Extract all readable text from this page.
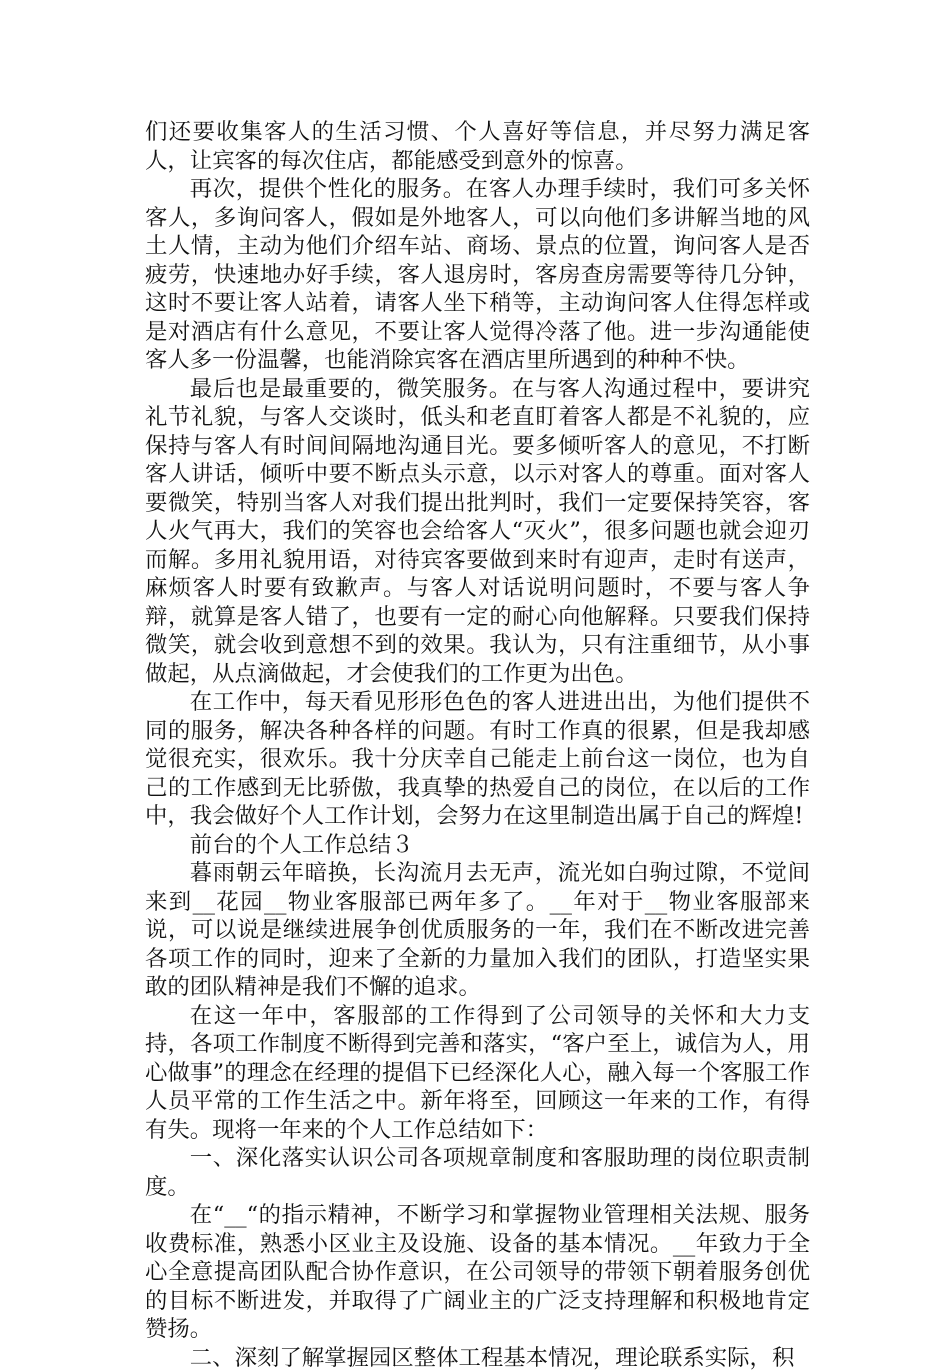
们还要收集客人的生活习惯、个人喜好等信息，并尽努力满足客人，让宾客的每次住店，都能感受到意外的惊喜。

再次，提供个性化的服务。在客人办理手续时，我们可多关怀客人，多询问客人，假如是外地客人，可以向他们多讲解当地的风土人情，主动为他们介绍车站、商场、景点的位置，询问客人是否疲劳，快速地办好手续，客人退房时，客房查房需要等待几分钟，这时不要让客人站着，请客人坐下稍等，主动询问客人住得怎样或是对酒店有什么意见，不要让客人觉得冷落了他。进一步沟通能使客人多一份温馨，也能消除宾客在酒店里所遇到的种种不快。

最后也是最重要的，微笑服务。在与客人沟通过程中，要讲究礼节礼貌，与客人交谈时，低头和老直盯着客人都是不礼貌的，应保持与客人有时间间隔地沟通目光。要多倾听客人的意见，不打断客人讲话，倾听中要不断点头示意，以示对客人的尊重。面对客人要微笑，特别当客人对我们提出批判时，我们一定要保持笑容，客人火气再大，我们的笑容也会给客人“灭火”，很多问题也就会迎刃而解。多用礼貌用语，对待宾客要做到来时有迎声，走时有送声，麻烦客人时要有致歉声。与客人对话说明问题时，不要与客人争辩，就算是客人错了，也要有一定的耐心向他解释。只要我们保持微笑，就会收到意想不到的效果。我认为，只有注重细节，从小事做起，从点滴做起，才会使我们的工作更为出色。

在工作中，每天看见形形色色的客人进进出出，为他们提供不同的服务，解决各种各样的问题。有时工作真的很累，但是我却感觉很充实，很欢乐。我十分庆幸自己能走上前台这一岗位，也为自己的工作感到无比骄傲，我真挚的热爱自己的岗位，在以后的工作中，我会做好个人工作计划，会努力在这里制造出属于自己的辉煌!

前台的个人工作总结３

暮雨朝云年暗换，长沟流月去无声，流光如白驹过隙，不觉间来到__花园__物业客服部已两年多了。__年对于__物业客服部来说，可以说是继续进展争创优质服务的一年，我们在不断改进完善各项工作的同时，迎来了全新的力量加入我们的团队，打造坚实果敢的团队精神是我们不懈的追求。

在这一年中，客服部的工作得到了公司领导的关怀和大力支持，各项工作制度不断得到完善和落实，“客户至上，诚信为人，用心做事”的理念在经理的提倡下已经深化人心，融入每一个客服工作人员平常的工作生活之中。新年将至，回顾这一年来的工作，有得有失。现将一年来的个人工作总结如下：

一、深化落实认识公司各项规章制度和客服助理的岗位职责制度。

在“__“的指示精神，不断学习和掌握物业管理相关法规、服务收费标准，熟悉小区业主及设施、设备的基本情况。__年致力于全心全意提高团队配合协作意识，在公司领导的带领下朝着服务创优的目标不断进发，并取得了广阔业主的广泛支持理解和积极地肯定赞扬。

二、深刻了解掌握园区整体工程基本情况，理论联系实际，积
